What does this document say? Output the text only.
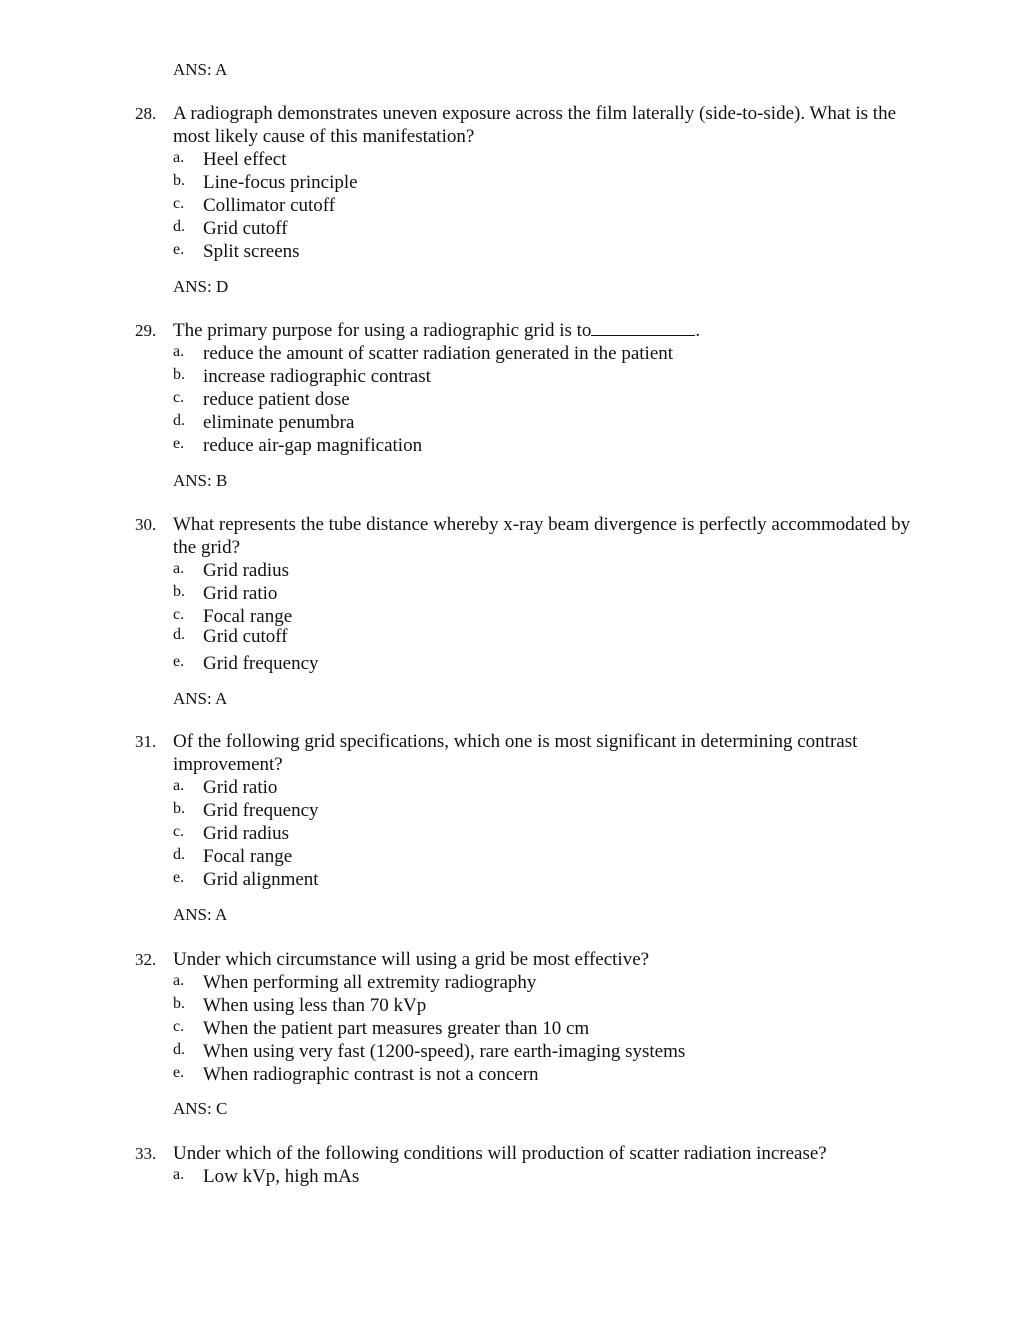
ANS: A
28. A radiograph demonstrates uneven exposure across the film laterally (side-to-side). What is the most likely cause of this manifestation?
a. Heel effect
b. Line-focus principle
c. Collimator cutoff
d. Grid cutoff
e. Split screens
ANS: D
29. The primary purpose for using a radiographic grid is to	.
a. reduce the amount of scatter radiation generated in the patient
b. increase radiographic contrast
c. reduce patient dose
d. eliminate penumbra
e. reduce air-gap magnification
ANS: B
30. What represents the tube distance whereby x-ray beam divergence is perfectly accommodated by the grid?
a. Grid radius
b. Grid ratio
c. Focal range
d. Grid cutoff
e. Grid frequency
ANS: A
31. Of the following grid specifications, which one is most significant in determining contrast improvement?
a. Grid ratio
b. Grid frequency
c. Grid radius
d. Focal range
e. Grid alignment
ANS: A
32. Under which circumstance will using a grid be most effective?
a. When performing all extremity radiography
b. When using less than 70 kVp
c. When the patient part measures greater than 10 cm
d. When using very fast (1200-speed), rare earth-imaging systems
e. When radiographic contrast is not a concern
ANS: C
33. Under which of the following conditions will production of scatter radiation increase?
a. Low kVp, high mAs
